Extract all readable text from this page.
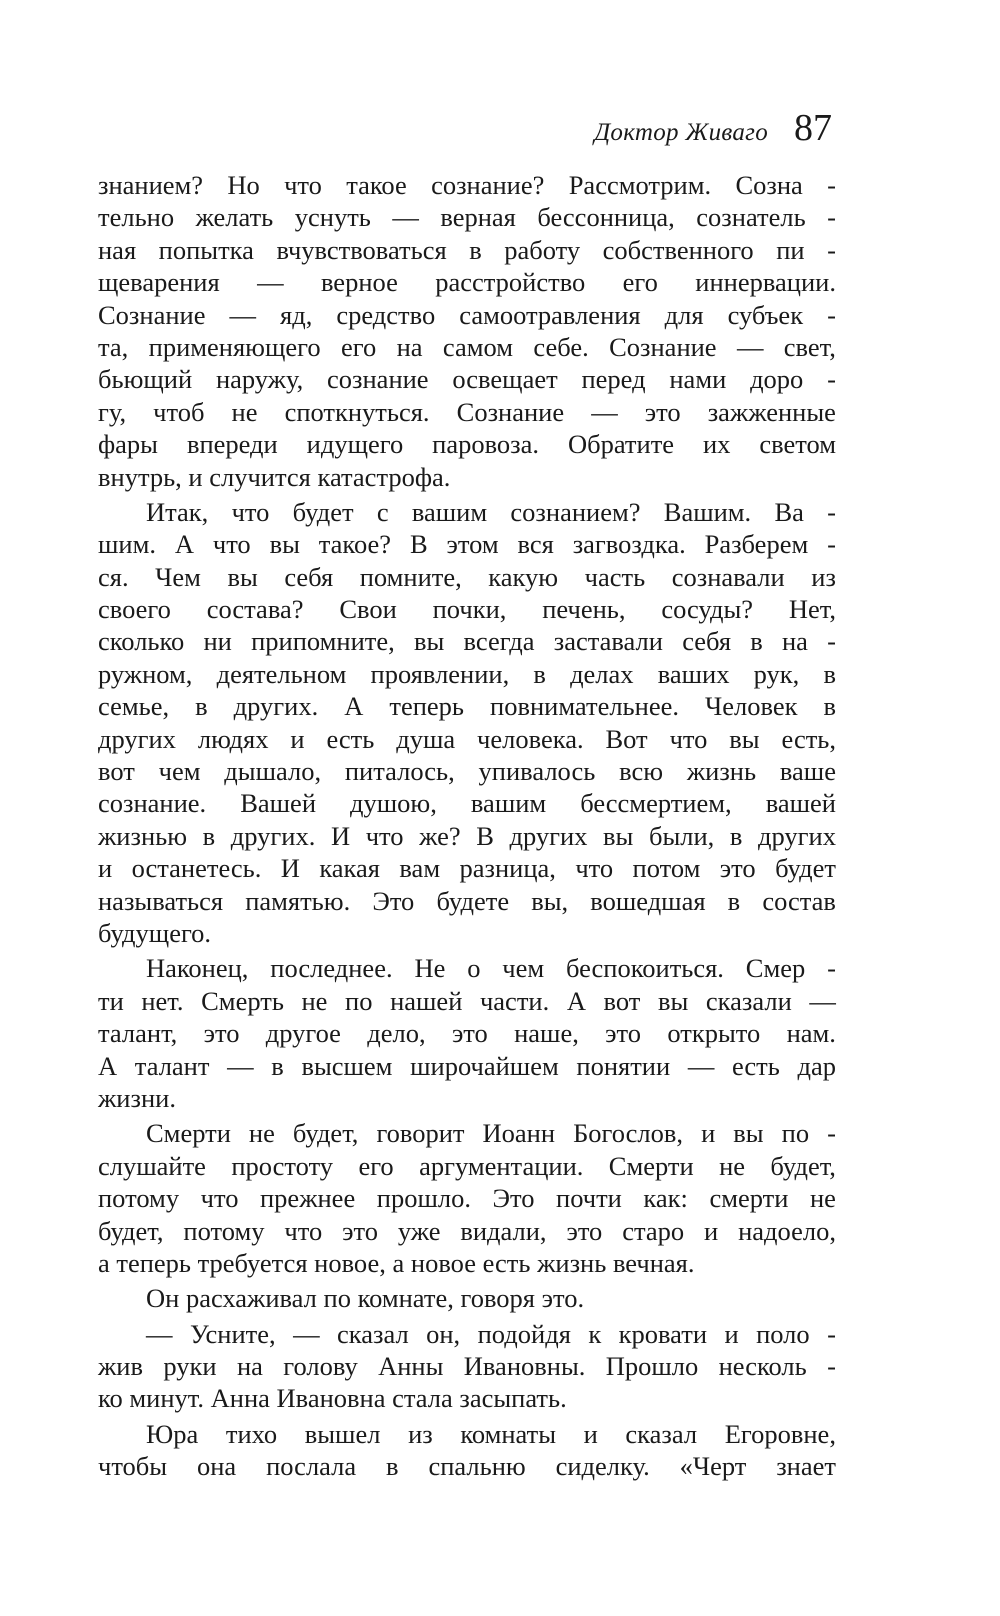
Доктор Живаго 87
знанием? Но что такое сознание? Рассмотрим. Созна -
тельно желать уснуть — верная бессонница, сознатель -
ная попытка вчувствоваться в работу собственного пи -
щеварения — верное расстройство его иннервации.
Сознание — яд, средство самоотравления для субъек -
та, применяющего его на самом себе. Сознание — свет,
бьющий наружу, сознание освещает перед нами доро -
гу, чтоб не споткнуться. Сознание — это зажженные
фары впереди идущего паровоза. Обратите их светом
внутрь, и случится катастрофа.
Итак, что будет с вашим сознанием? Вашим. Ва -
шим. А что вы такое? В этом вся загвоздка. Разберем -
ся. Чем вы себя помните, какую часть сознавали из
своего состава? Свои почки, печень, сосуды? Нет,
сколько ни припомните, вы всегда заставали себя в на -
ружном, деятельном проявлении, в делах ваших рук, в
семье, в других. А теперь повнимательнее. Человек в
других людях и есть душа человека. Вот что вы есть,
вот чем дышало, питалось, упивалось всю жизнь ваше
сознание. Вашей душою, вашим бессмертием, вашей
жизнью в других. И что же? В других вы были, в других
и останетесь. И какая вам разница, что потом это будет
называться памятью. Это будете вы, вошедшая в состав
будущего.
Наконец, последнее. Не о чем беспокоиться. Смер -
ти нет. Смерть не по нашей части. А вот вы сказали —
талант, это другое дело, это наше, это открыто нам.
А талант — в высшем широчайшем понятии — есть дар
жизни.
Смерти не будет, говорит Иоанн Богослов, и вы по -
слушайте простоту его аргументации. Смерти не будет,
потому что прежнее прошло. Это почти как: смерти не
будет, потому что это уже видали, это старо и надоело,
а теперь требуется новое, а новое есть жизнь вечная.
Он расхаживал по комнате, говоря это.
— Усните, — сказал он, подойдя к кровати и поло -
жив руки на голову Анны Ивановны. Прошло несколь -
ко минут. Анна Ивановна стала засыпать.
Юра тихо вышел из комнаты и сказал Егоровне,
чтобы она послала в спальню сиделку. «Черт знает
